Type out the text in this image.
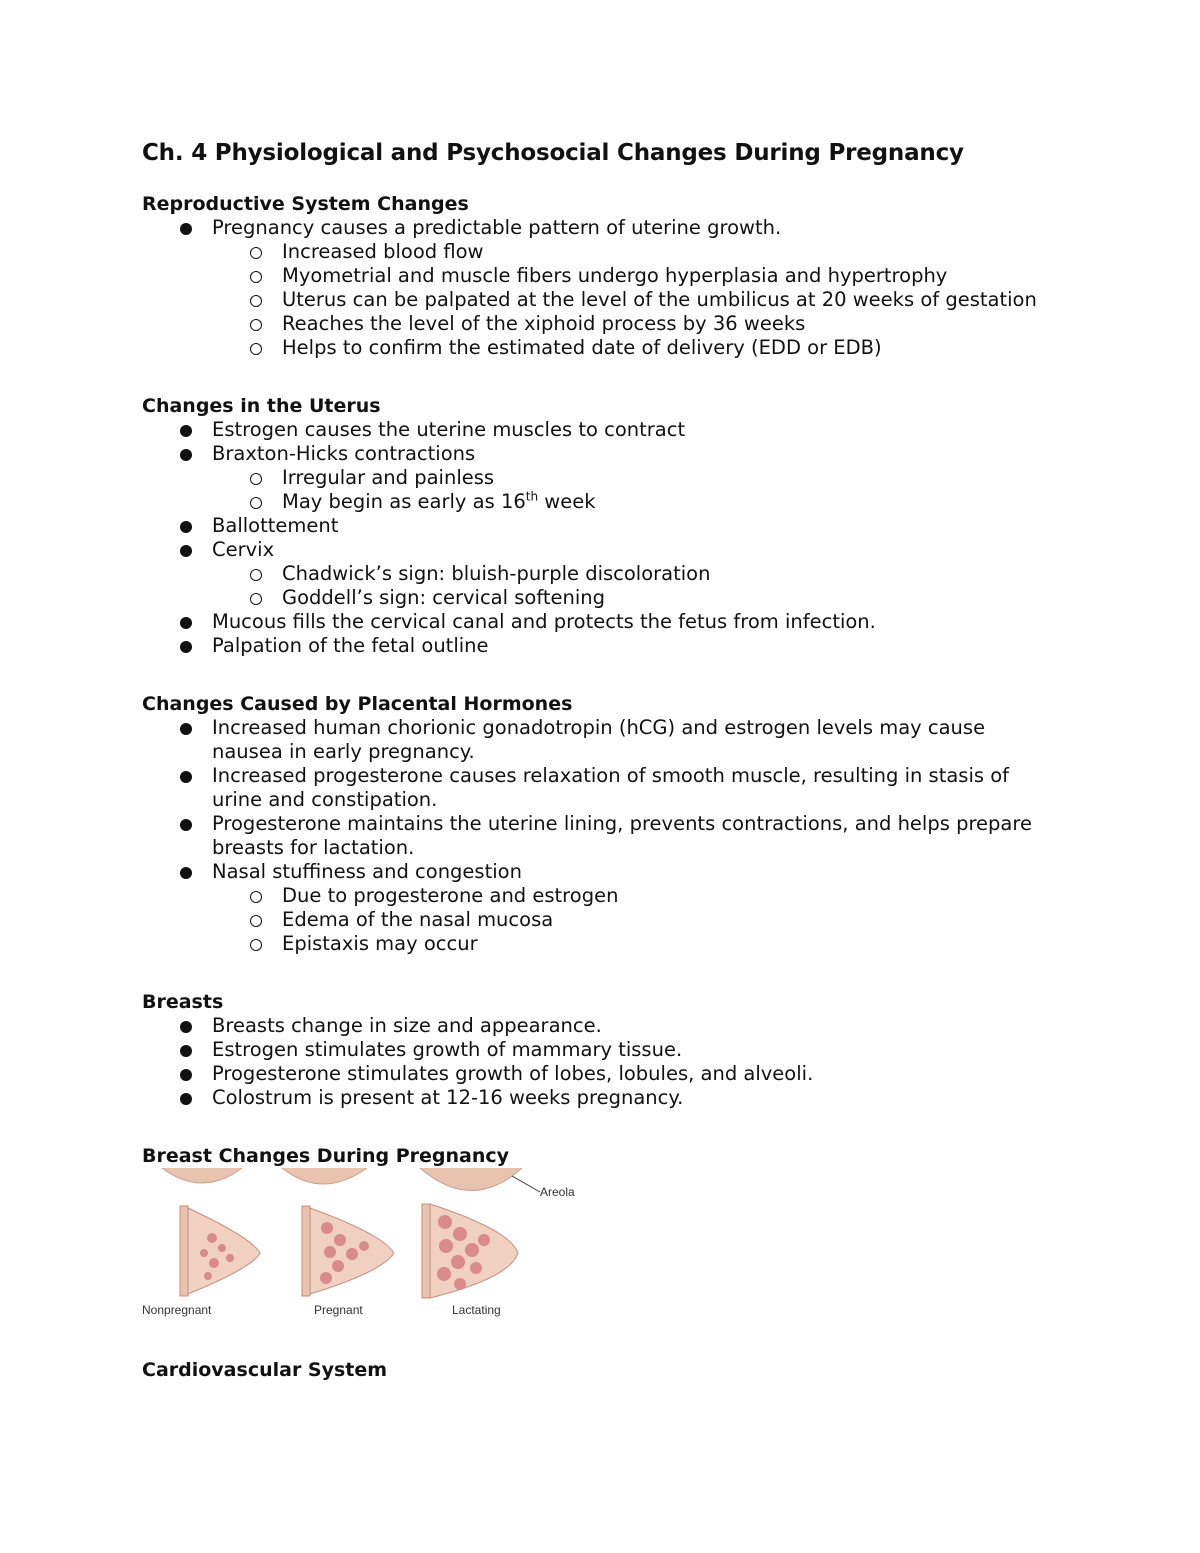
Ch. 4 Physiological and Psychosocial Changes During Pregnancy
Reproductive System Changes
Pregnancy causes a predictable pattern of uterine growth.
Increased blood flow
Myometrial and muscle fibers undergo hyperplasia and hypertrophy
Uterus can be palpated at the level of the umbilicus at 20 weeks of gestation
Reaches the level of the xiphoid process by 36 weeks
Helps to confirm the estimated date of delivery (EDD or EDB)
Changes in the Uterus
Estrogen causes the uterine muscles to contract
Braxton-Hicks contractions
Irregular and painless
May begin as early as 16th week
Ballottement
Cervix
Chadwick’s sign: bluish-purple discoloration
Goddell’s sign: cervical softening
Mucous fills the cervical canal and protects the fetus from infection.
Palpation of the fetal outline
Changes Caused by Placental Hormones
Increased human chorionic gonadotropin (hCG) and estrogen levels may cause nausea in early pregnancy.
Increased progesterone causes relaxation of smooth muscle, resulting in stasis of urine and constipation.
Progesterone maintains the uterine lining, prevents contractions, and helps prepare breasts for lactation.
Nasal stuffiness and congestion
Due to progesterone and estrogen
Edema of the nasal mucosa
Epistaxis may occur
Breasts
Breasts change in size and appearance.
Estrogen stimulates growth of mammary tissue.
Progesterone stimulates growth of lobes, lobules, and alveoli.
Colostrum is present at 12-16 weeks pregnancy.
Breast Changes During Pregnancy
Areola
Nonpregnant	Pregnant	Lactating
Cardiovascular System
